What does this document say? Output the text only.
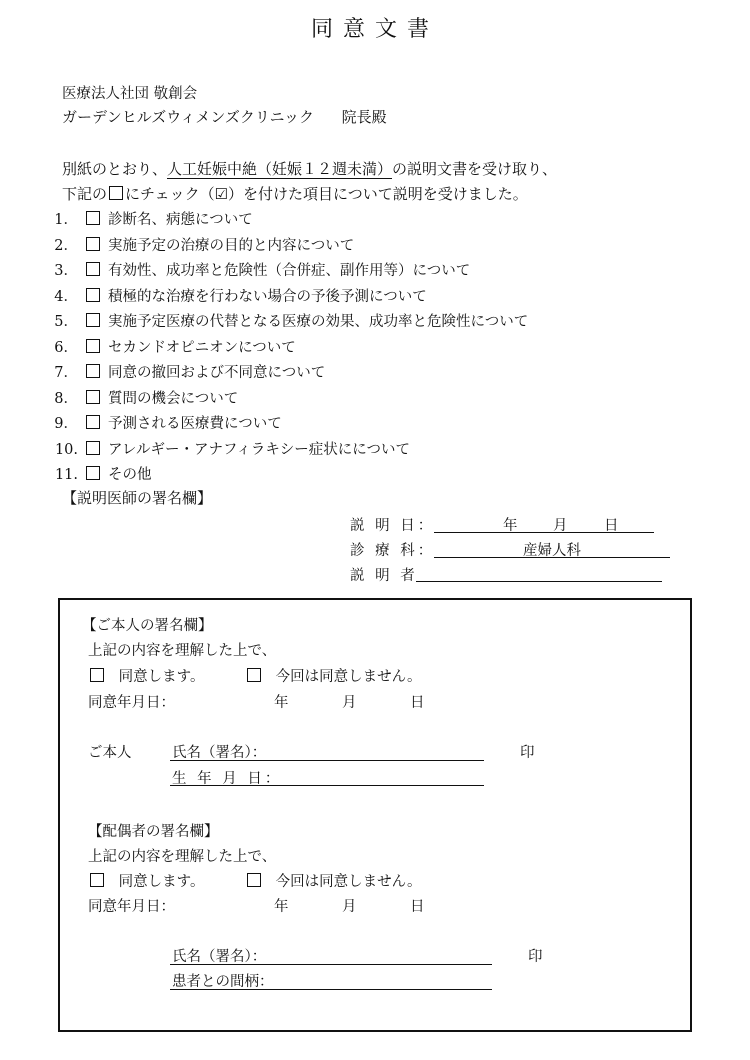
同意文書
医療法人社団 敬創会
ガーデンヒルズウィメンズクリニック 院長殿
別紙のとおり、人工妊娠中絶（妊娠１２週未満）の説明文書を受け取り、
下記の にチェック（☑）を付けた項目について説明を受けました。
1． 診断名、病態について
2． 実施予定の治療の目的と内容について
3． 有効性、成功率と危険性（合併症、副作用等）について
4． 積極的な治療を行わない場合の予後予測について
5． 実施予定医療の代替となる医療の効果、成功率と危険性について
6． セカンドオピニオンについて
7． 同意の撤回および不同意について
8． 質問の機会について
9． 予測される医療費について
10. アレルギー・アナフィラキシー症状にについて
11. その他
【説明医師の署名欄】
説 明 日：	年 月	日
診 療 科：	産婦人科
説 明 者
【ご本人の署名欄】
上記の内容を理解した上で、
同意します。	今回は同意しません。
同意年月日：	年	月	日
ご本人	氏名（署名）：	印
生 年 月 日：
【配偶者の署名欄】
上記の内容を理解した上で、
同意します。	今回は同意しません。
同意年月日：	年	月	日
氏名（署名）：	印
患者との間柄：
